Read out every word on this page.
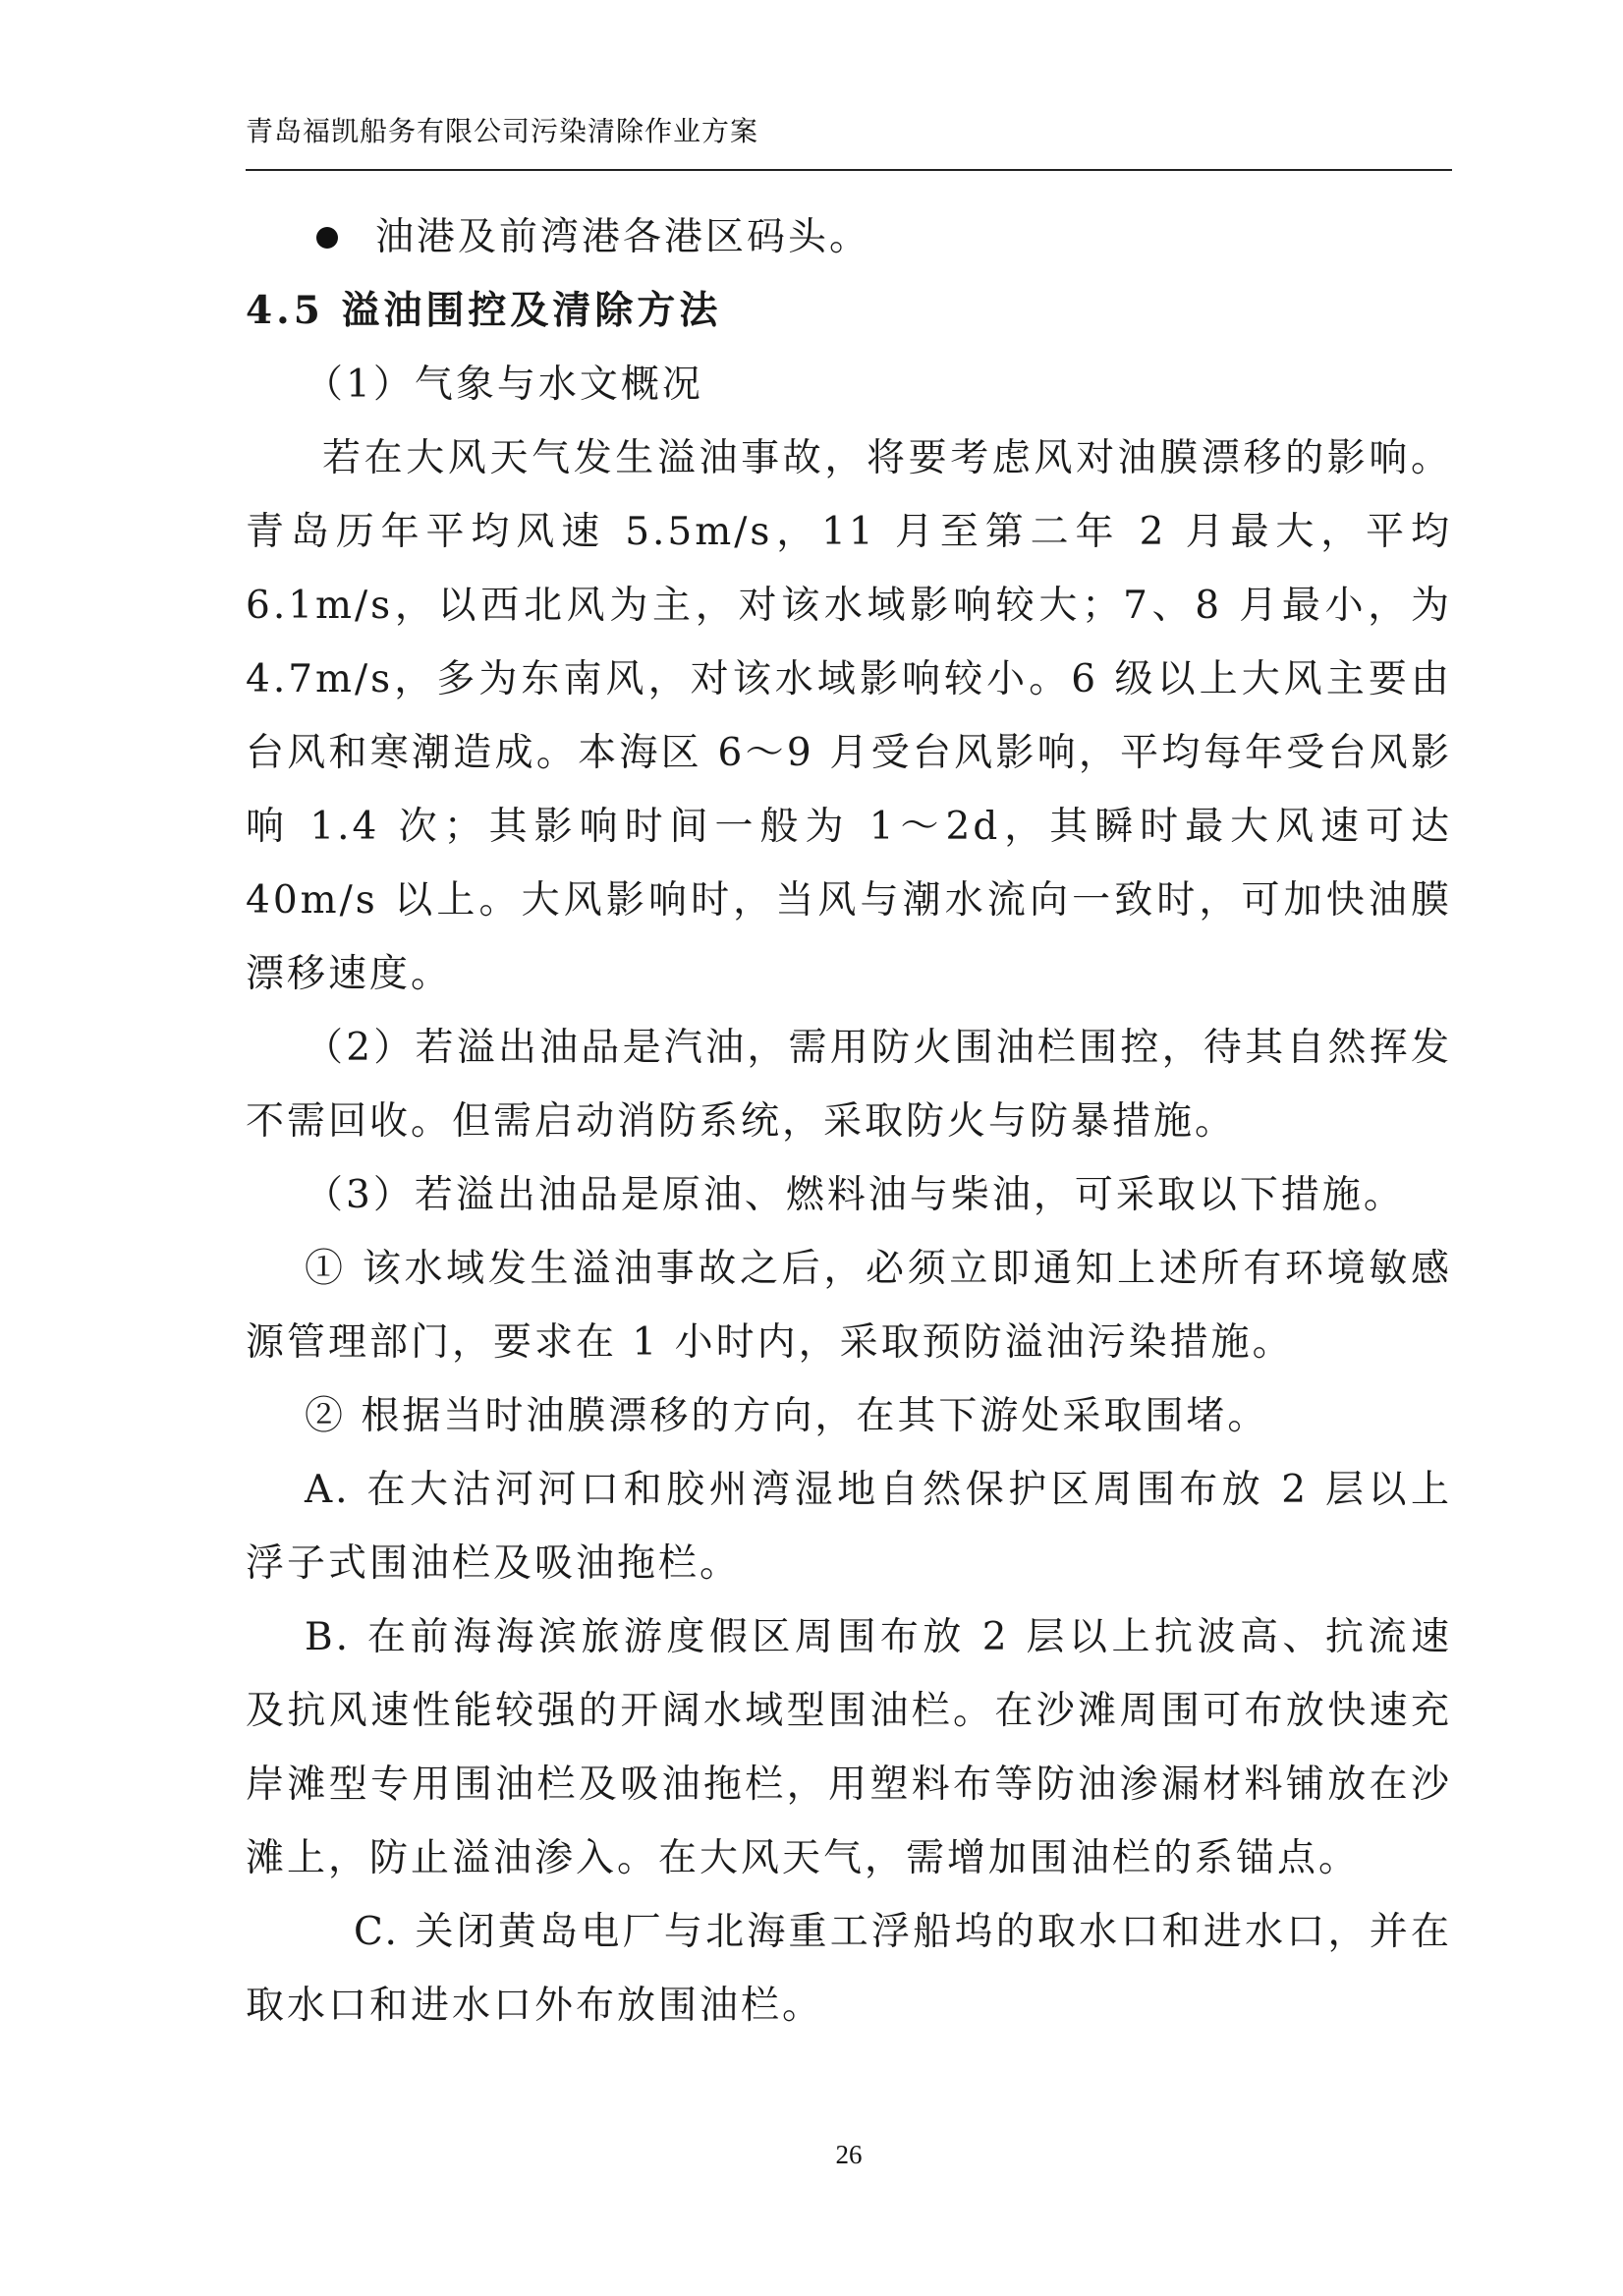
青岛福凯船务有限公司污染清除作业方案
油港及前湾港各港区码头。

4.5 溢油围控及清除方法

（1）气象与水文概况

若在大风天气发生溢油事故，将要考虑风对油膜漂移的影响。青岛历年平均风速 5.5m/s，11 月至第二年 2 月最大，平均 6.1m/s，以西北风为主，对该水域影响较大；7、8 月最小，为 4.7m/s，多为东南风，对该水域影响较小。6 级以上大风主要由台风和寒潮造成。本海区 6～9 月受台风影响，平均每年受台风影响 1.4 次；其影响时间一般为 1～2d，其瞬时最大风速可达 40m/s 以上。大风影响时，当风与潮水流向一致时，可加快油膜漂移速度。

（2）若溢出油品是汽油，需用防火围油栏围控，待其自然挥发不需回收。但需启动消防系统，采取防火与防暴措施。

（3）若溢出油品是原油、燃料油与柴油，可采取以下措施。

① 该水域发生溢油事故之后，必须立即通知上述所有环境敏感源管理部门，要求在 1 小时内，采取预防溢油污染措施。

② 根据当时油膜漂移的方向，在其下游处采取围堵。

A. 在大沽河河口和胶州湾湿地自然保护区周围布放 2 层以上浮子式围油栏及吸油拖栏。

B. 在前海海滨旅游度假区周围布放 2 层以上抗波高、抗流速及抗风速性能较强的开阔水域型围油栏。在沙滩周围可布放快速充岸滩型专用围油栏及吸油拖栏，用塑料布等防油渗漏材料铺放在沙滩上，防止溢油渗入。在大风天气，需增加围油栏的系锚点。

C. 关闭黄岛电厂与北海重工浮船坞的取水口和进水口，并在取水口和进水口外布放围油栏。

26
